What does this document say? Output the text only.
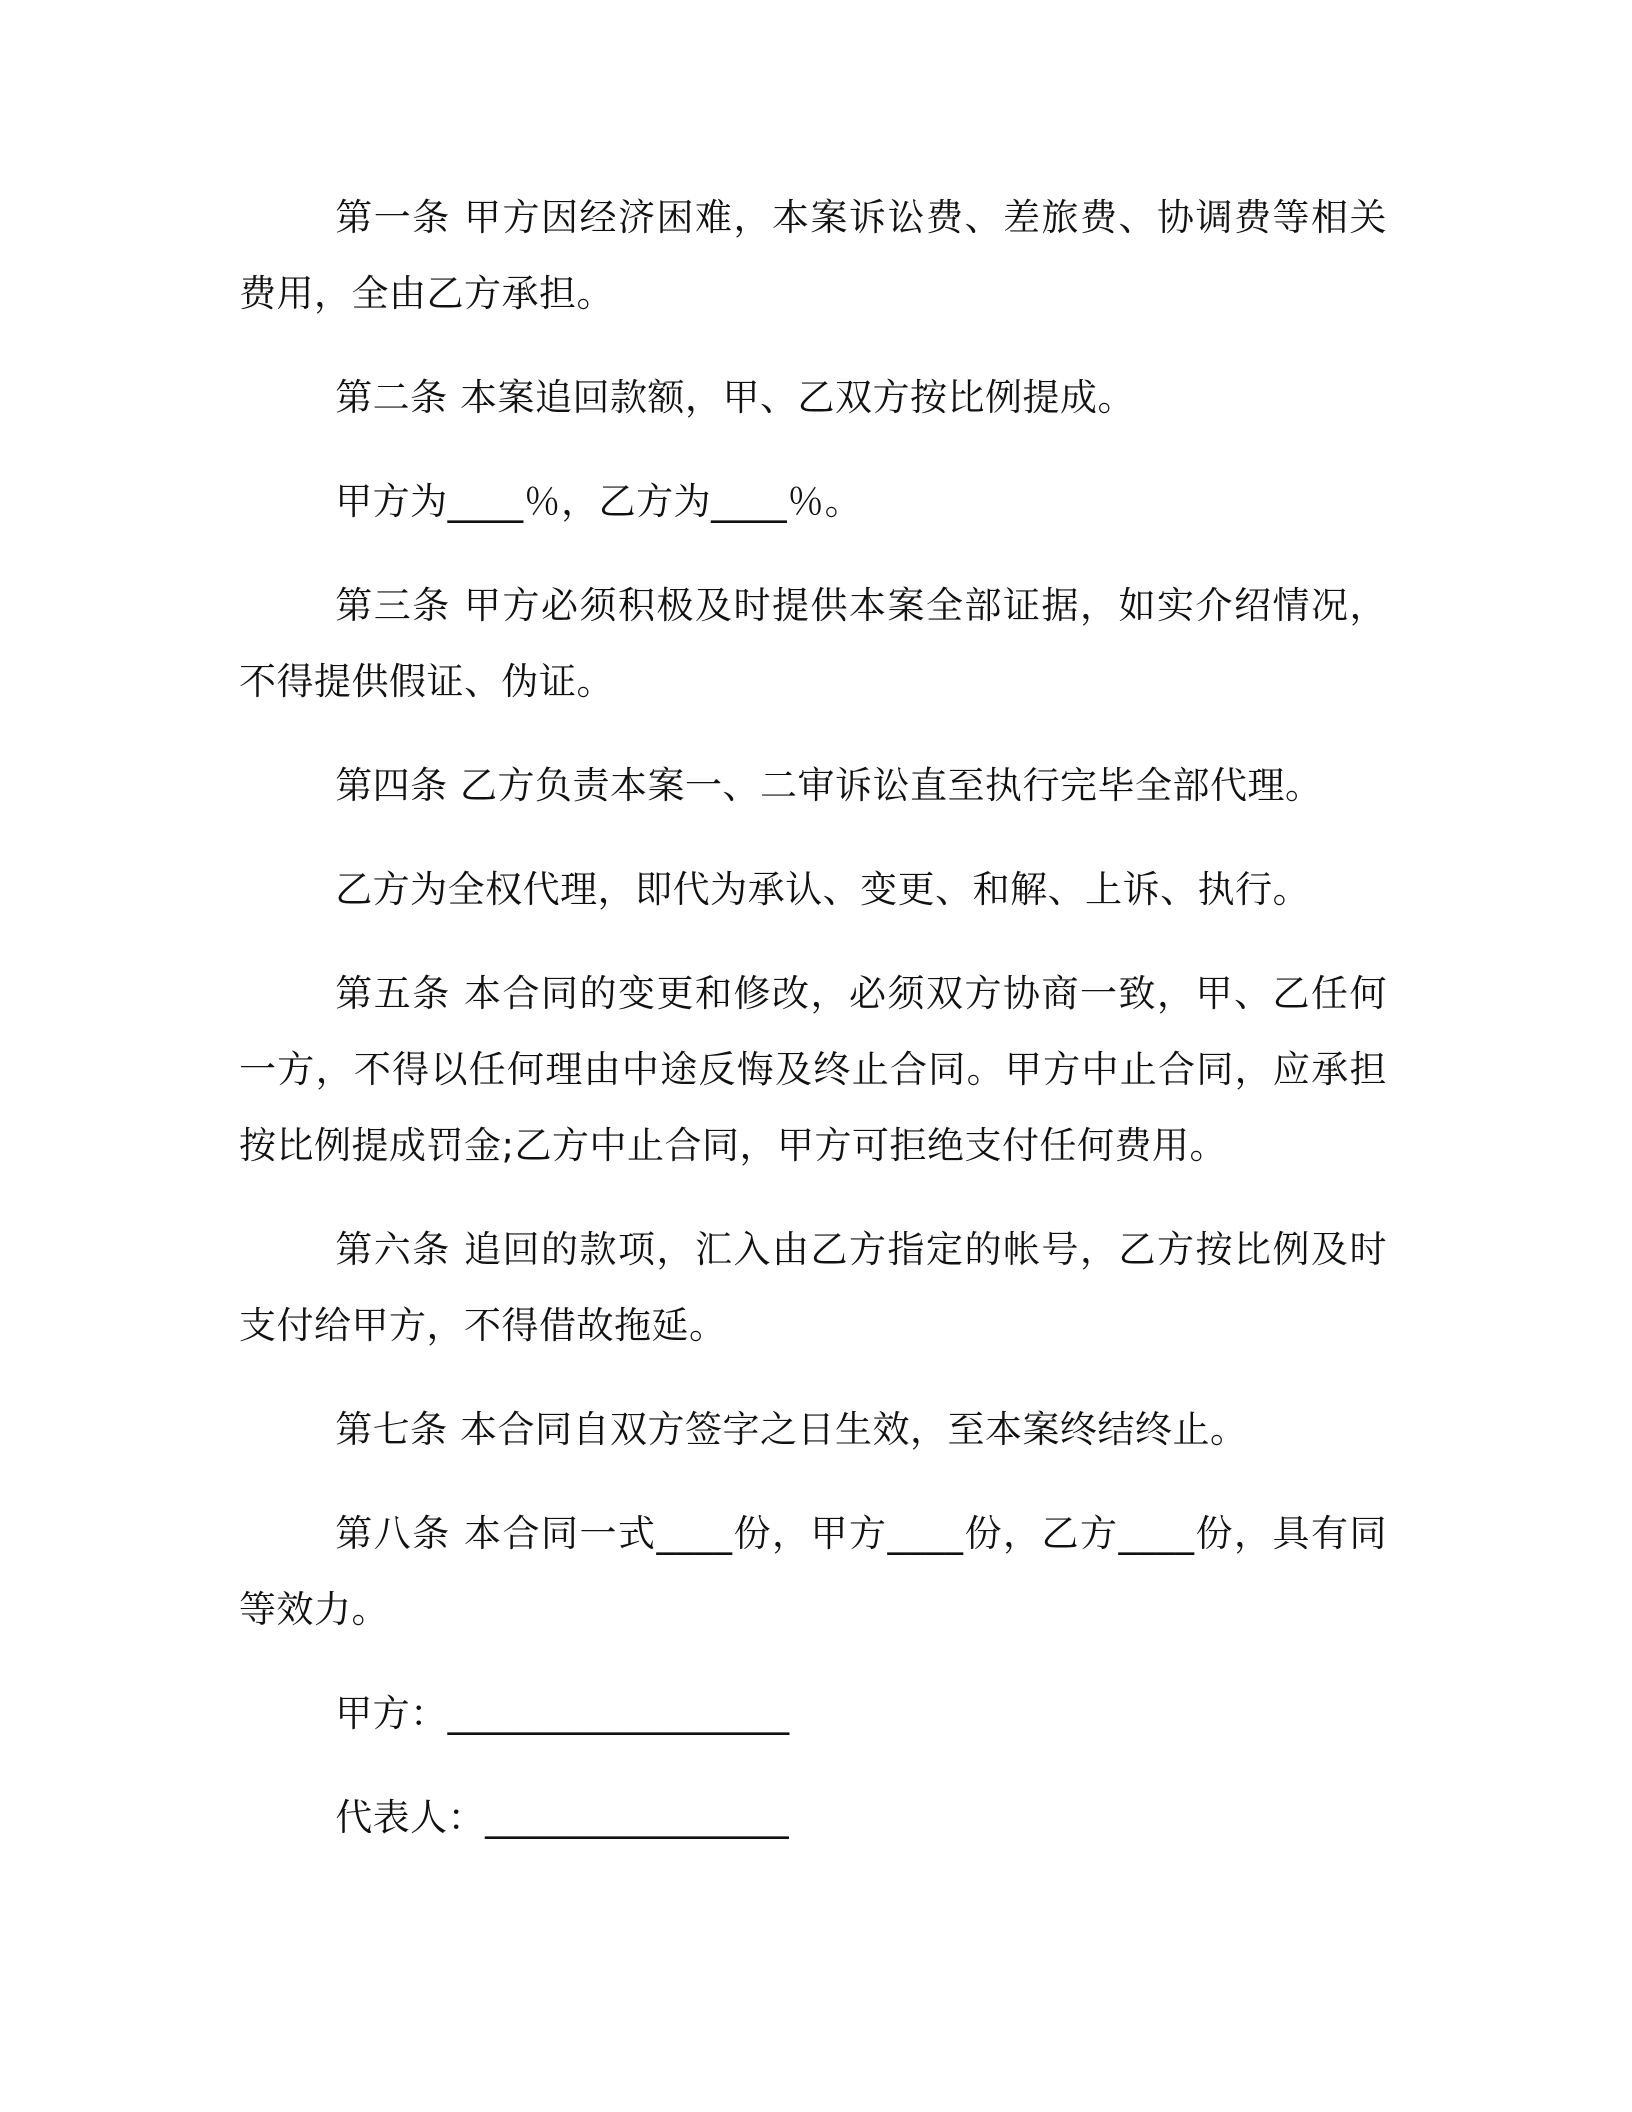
第一条 甲方因经济困难，本案诉讼费、差旅费、协调费等相关费用，全由乙方承担。

第二条 本案追回款额，甲、乙双方按比例提成。

甲方为____％，乙方为____％。

第三条 甲方必须积极及时提供本案全部证据，如实介绍情况，不得提供假证、伪证。

第四条 乙方负责本案一、二审诉讼直至执行完毕全部代理。

乙方为全权代理，即代为承认、变更、和解、上诉、执行。

第五条 本合同的变更和修改，必须双方协商一致，甲、乙任何一方，不得以任何理由中途反悔及终止合同。甲方中止合同，应承担按比例提成罚金;乙方中止合同，甲方可拒绝支付任何费用。

第六条 追回的款项，汇入由乙方指定的帐号，乙方按比例及时支付给甲方，不得借故拖延。

第七条 本合同自双方签字之日生效，至本案终结终止。

第八条 本合同一式____份，甲方____份，乙方____份，具有同等效力。

甲方：__________________

代表人：________________
